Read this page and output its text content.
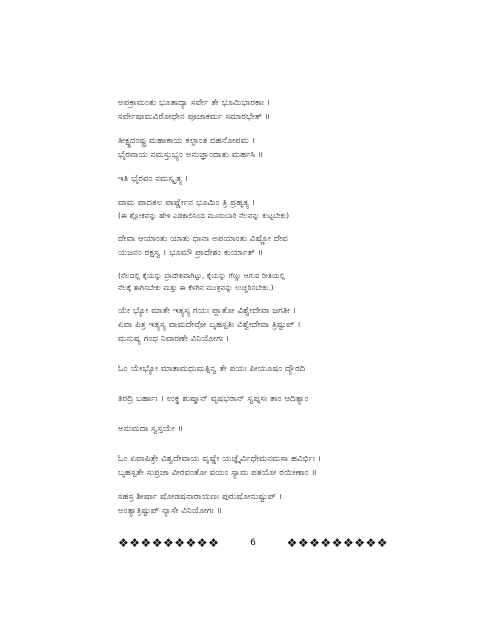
ಅಪಕ್ರಾಮಂತು ಭೂತಾದ್ಯಾ ಸರ್ವೇ ತೇ ಭೂಮಿಭಾರಕಾಃ ।
ಸರ್ವೇಷಾಮವಿರೋಧೇನ ಪೂಜಾಕರ್ಮ ಸಮಾರಭೇತ್ ॥
ತೀಕ್ಷ್ಣದಂಷ್ಟ್ರ ಮಹಾಕಾಯ ಕಲ್ಪಾಂತ ದಹನೋಪಮ ।
ಭೈರವಾಯ ನಮಸ್ತುಭ್ಯಂ ಅನುಜ್ಞಾಂದಾತು ಮರ್ಹಸಿ ॥
ಇತಿ ಭೈರವಂ ನಮಸ್ಕೃತ್ಯ ।
ವಾಮ ಪಾದತಲ ಪಾರ್ಷ್ಣೇನ ಭೂಮಿಂ ತ್ರಿ ಪ್ರಹೃತ್ಯ ।
(ಈ ಶ್ಲೋಕವನ್ನು ಹೇಳಿ ಎಡಕಾಲಿನಿಂದ ಮೂರುಬಾರಿ ನೆಲವನ್ನು ಕುಟ್ಟಬೇಕು)
ದೇವಾ ಆಯಾಂತು ಯಾತು ಧಾನಾ ಅಪಯಾಂತು ವಿಷ್ಣೋ ದೇವ
ಯಜನಂ ರಕ್ಷಸ್ವ । ಭೂಮೌ ಪ್ರಾದೇಶಂ ಕುರ್ಯಾತ್ ॥
(ನೆಲದಲ್ಲಿ ಕೈಯನ್ನು ಪ್ರಾದೇಶವಾಗಿಟ್ಟು, ಕೈಯನ್ನು ಗೆಣ್ಣು ಆಗುವ ರೀತಿಯಲ್ಲಿ
ನೆಲಕ್ಕೆ ತಾಗಿಸಬೇಕು ಮತ್ತು ಈ ಕೆಳಗಿನ ಮಂತ್ರವನ್ನು ಉಚ್ಚರಿಸಬೇಕು.)
ಯೇ ಭ್ಯೋ ಮಾತೇ ಇತ್ಯಸ್ಯ ಗಯಃ ಪ್ಲಾತೋ ವಿಶ್ವೇದೇವಾ ಜಗತೀ ।
ಏವಾ ಪಿತ್ರ ಇತ್ಯಸ್ಯ ವಾಮದೇವೋ ಬೃಹಸ್ಪತಿಃ ವಿಶ್ವೇದೇವಾ ತ್ರಿಷ್ಟುಪ್ ।
ಮನುಷ್ಯ ಗಂಧ ನಿವಾರಣೇ ವಿನಿಯೋಗಃ ।
ಓಂ ಯೇಭ್ಯೋ ಮಾತಾಮಧುಮತ್ಪಿನ್ವ ತೇ ಪಯಃ ಪೀಯೂಷಂ ದ್ಯೌರದಿ
ತಿರದ್ರಿ ಬರ್ಹಾಃ । ಉಕ್ಥ ಶುಷ್ಮಾನ್ ವೃಷಭರಾನ್ ಸ್ವಪ್ನಸಃ ತಾಂ ಆದಿತ್ಯಾಂ
ಅನುಮದಾ ಸ್ವಸ್ತಯೇ ॥
ಓಂ ಏವಾಪಿತ್ರೇ ವಿಶ್ವದೇವಾಯ ವೃಷ್ಣೇ ಯಜ್ಞೈರ್ವಿಧೇಮನಮಸಾ ಹವಿರ್ಭಿಃ ।
ಬೃಹಸ್ಪತೇ ಸುಪ್ರಜಾ ವೀರವಂತೋ ವಯಂ ಸ್ಯಾಮ ಪತಯೋ ರಯೀಣಾಂ ॥
ಸಹಸ್ರ ಶೀರ್ಷಾ ಷೋಡಷನಾರಾಯಣಃ ಪುರುಷೋನುಷ್ಟುಪ್ ।
ಅಂತ್ಯಾತ್ರಿಷ್ಟುಪ್ ನ್ಯಾಸೇ ವಿನಿಯೋಗಃ ॥
❖❖❖❖❖❖❖❖❖	6	❖❖❖❖❖❖❖❖❖
